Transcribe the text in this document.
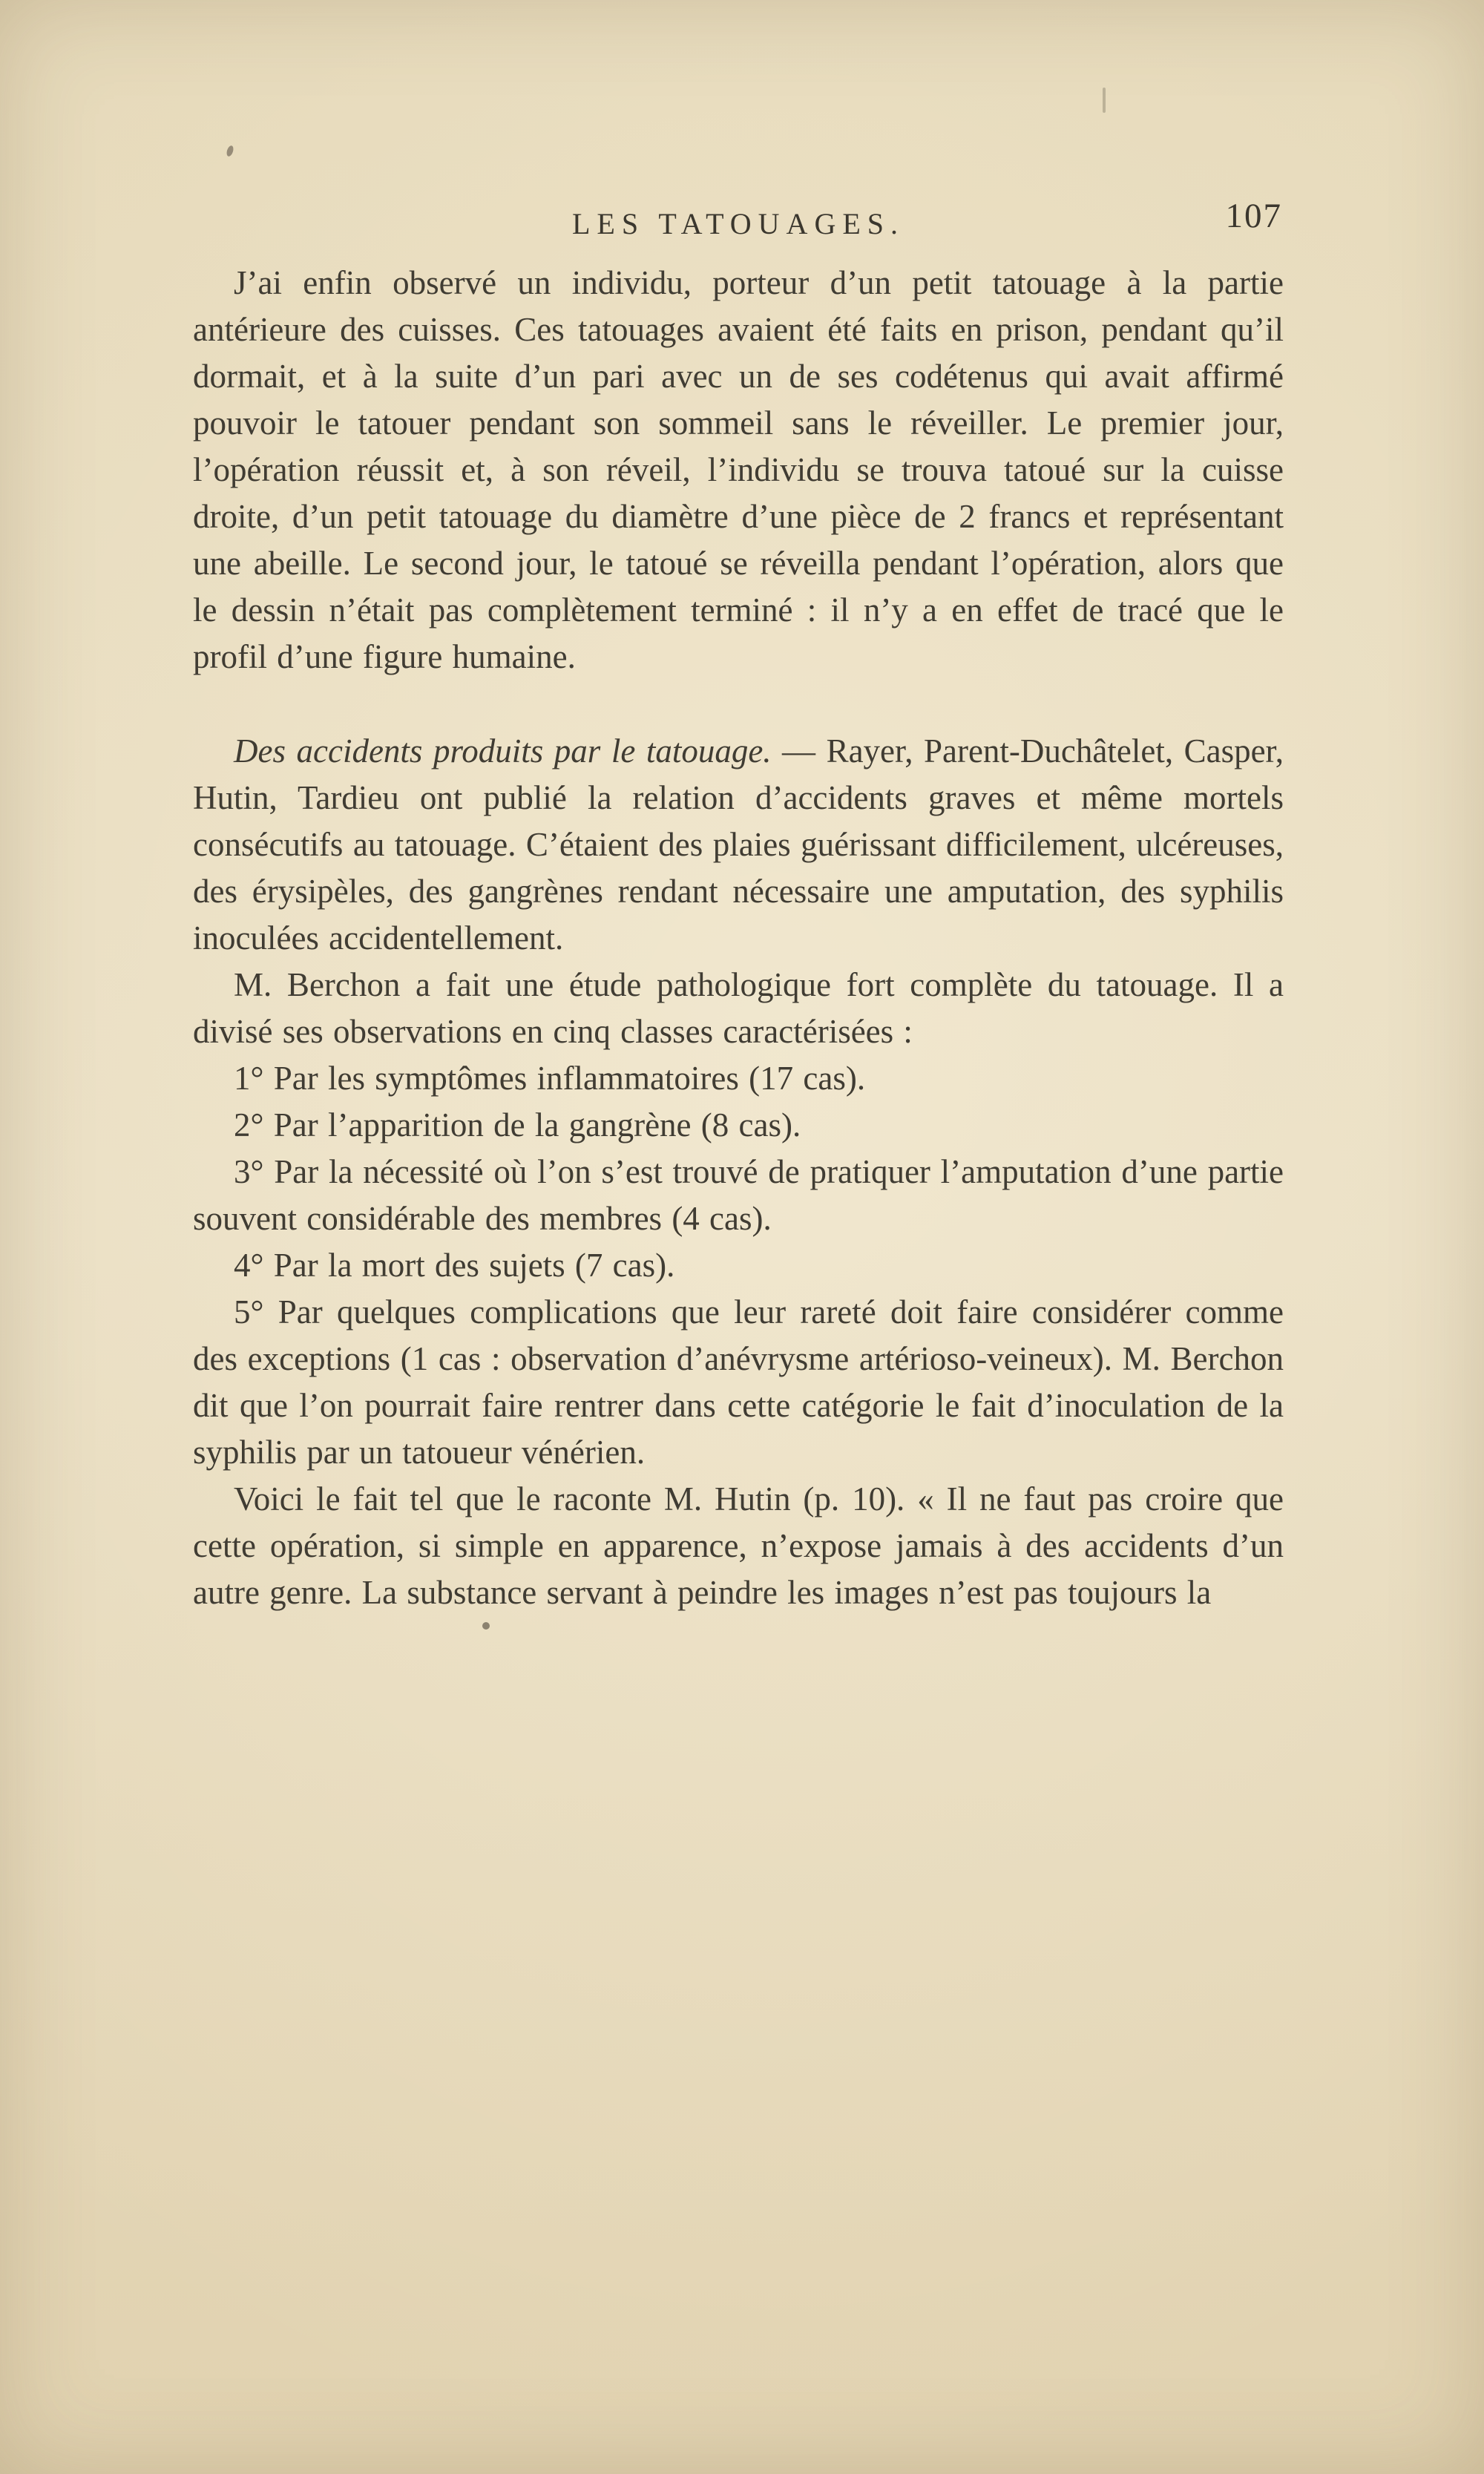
LES TATOUAGES.	107

J’ai enfin observé un individu, porteur d’un petit tatouage à la partie antérieure des cuisses. Ces tatouages avaient été faits en prison, pendant qu’il dormait, et à la suite d’un pari avec un de ses codétenus qui avait affirmé pouvoir le tatouer pendant son sommeil sans le réveiller. Le premier jour, l’opération réussit et, à son réveil, l’individu se trouva tatoué sur la cuisse droite, d’un petit tatouage du diamètre d’une pièce de 2 francs et représentant une abeille. Le second jour, le tatoué se réveilla pendant l’opération, alors que le dessin n’était pas complètement terminé : il n’y a en effet de tracé que le profil d’une figure humaine.

Des accidents produits par le tatouage. — Rayer, Parent-Duchâtelet, Casper, Hutin, Tardieu ont publié la relation d’accidents graves et même mortels consécutifs au tatouage. C’étaient des plaies guérissant difficilement, ulcéreuses, des érysipèles, des gangrènes rendant nécessaire une amputation, des syphilis inoculées accidentellement.

M. Berchon a fait une étude pathologique fort complète du tatouage. Il a divisé ses observations en cinq classes caractérisées :

1° Par les symptômes inflammatoires (17 cas).

2° Par l’apparition de la gangrène (8 cas).

3° Par la nécessité où l’on s’est trouvé de pratiquer l’amputation d’une partie souvent considérable des membres (4 cas).

4° Par la mort des sujets (7 cas).

5° Par quelques complications que leur rareté doit faire considérer comme des exceptions (1 cas : observation d’anévrysme artérioso-veineux). M. Berchon dit que l’on pourrait faire rentrer dans cette catégorie le fait d’inoculation de la syphilis par un tatoueur vénérien.

Voici le fait tel que le raconte M. Hutin (p. 10). « Il ne faut pas croire que cette opération, si simple en apparence, n’expose jamais à des accidents d’un autre genre. La substance servant à peindre les images n’est pas toujours la
